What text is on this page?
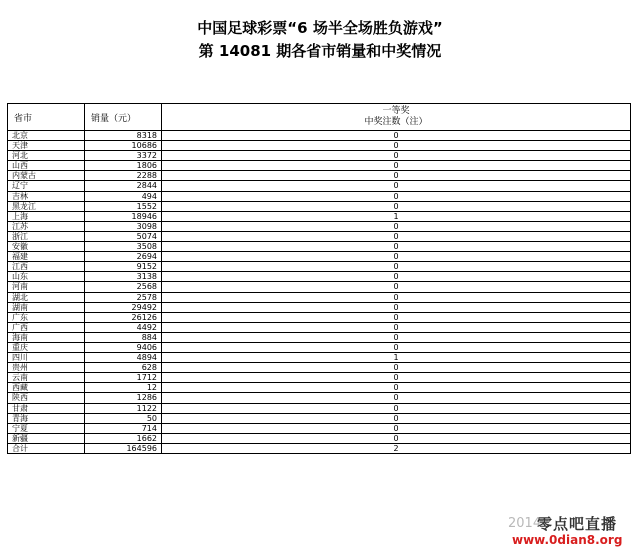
中国足球彩票“6 场半全场胜负游戏”
第 14081 期各省市销量和中奖情况
省市	销量（元）	一等奖
中奖注数（注）

北京	8318	0
天津	10686	0
河北	3372	0
山西	1806	0
内蒙古	2288	0
辽宁	2844	0
吉林	494	0
黑龙江	1552	0
上海	18946	1
江苏	3098	0
浙江	5074	0
安徽	3508	0
福建	2694	0
江西	9152	0
山东	3138	0
河南	2568	0
湖北	2578	0
湖南	29492	0
广东	26126	0
广西	4492	0
海南	884	0
重庆	9406	0
四川	4894	1
贵州	628	0
云南	1712	0
西藏	12	0
陕西	1286	0
甘肃	1122	0
青海	50	0
宁夏	714	0
新疆	1662	0
合计	164596	2
2014
零点吧直播
www.0dian8.org
